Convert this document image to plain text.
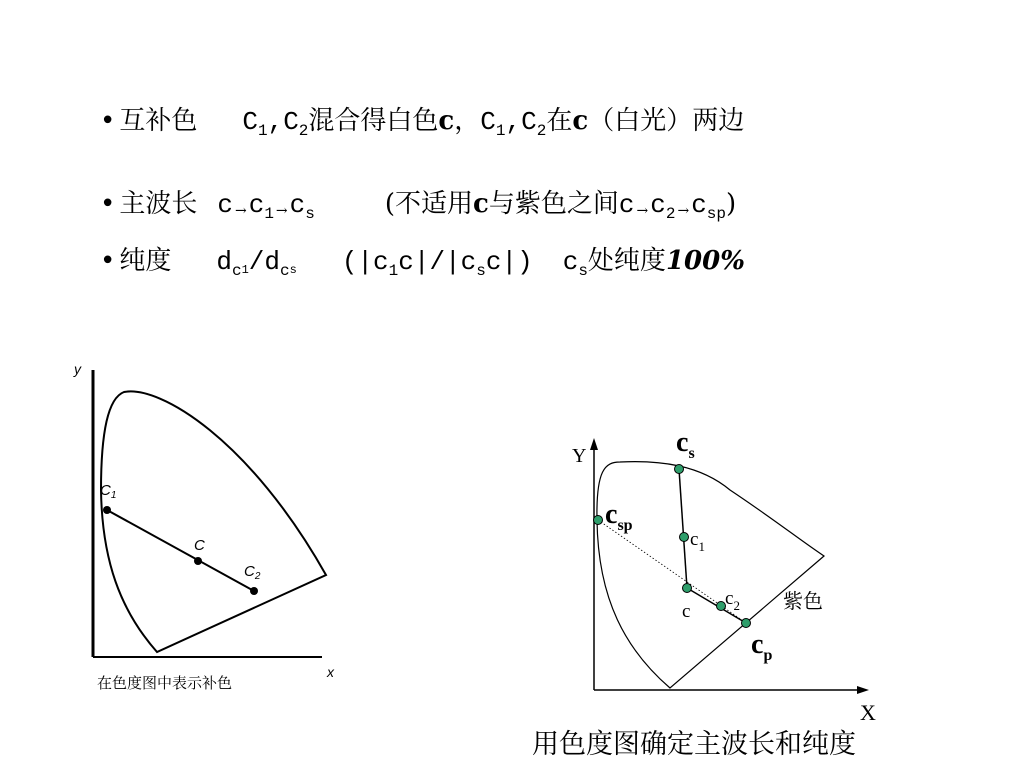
• 互补色 $C_1,C_2$混合得白色c，$C_1,C_2$在c（白光）两边
• 主波长 $c \to c_1 \to c_s$	(不适用c与紫色之间$c \to c_2 \to c_{sp}$)
• 纯度 $d_c1/d_cs$ $(|c_1c|/|c_sc|)$ $c_s$处纯度100%
y
x
$C_1$
C
$C_2$
在色度图中表示补色
Y
X
$c_s$
$c_{sp}$
$c_1$
$c_2$
c
$c_p$
紫色
用色度图确定主波长和纯度
